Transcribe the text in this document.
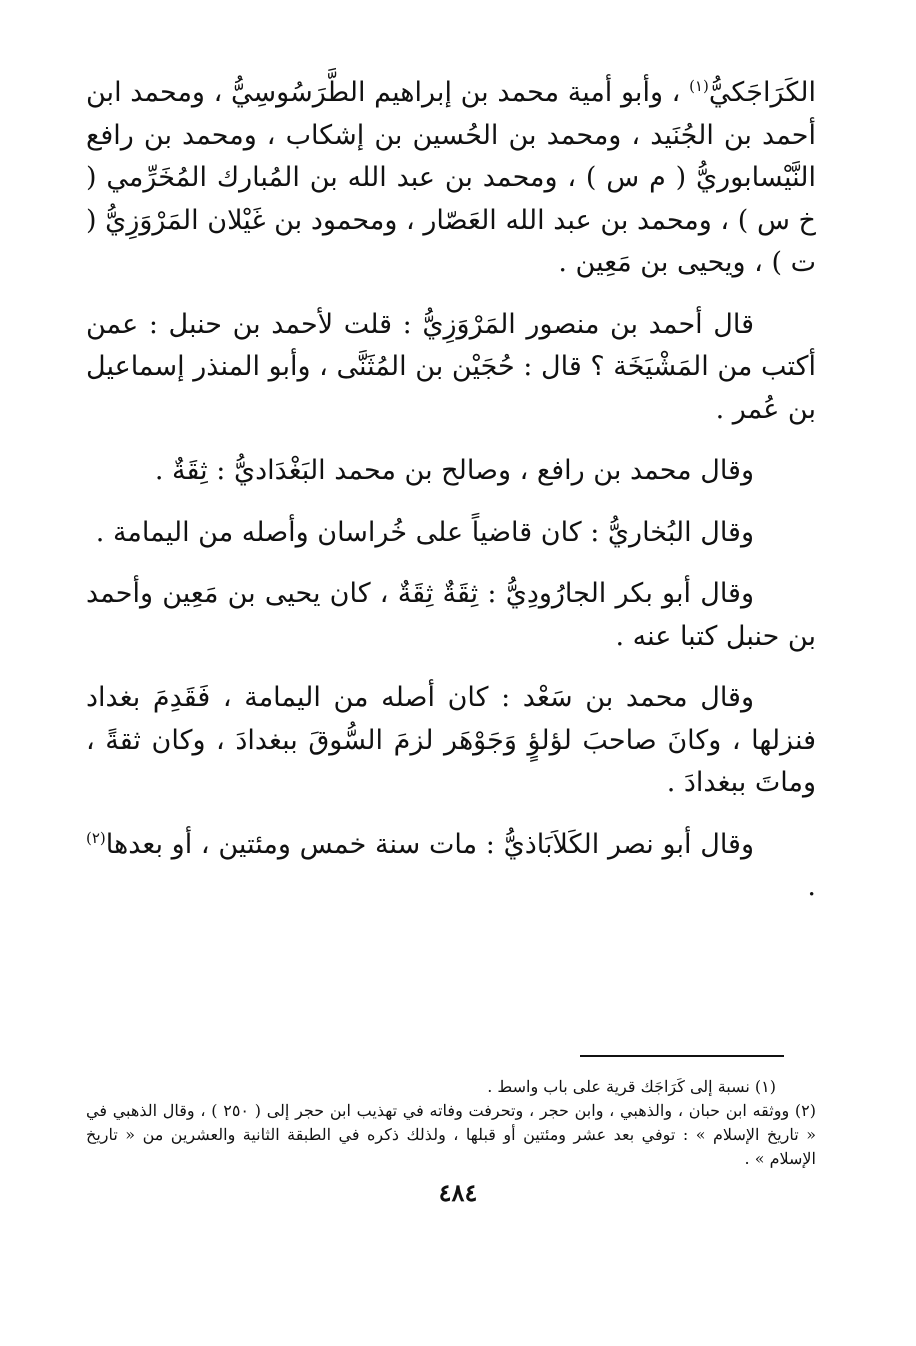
الكَرَاجَكيُّ$^{(١)}$ ، وأبو أمية محمد بن إبراهيم الطَّرَسُوسِيُّ ، ومحمد ابن أحمد بن الجُنَيد ، ومحمد بن الحُسين بن إشكاب ، ومحمد بن رافع النَّيْسابوريُّ ( م س ) ، ومحمد بن عبد الله بن المُبارك المُخَرِّمي ( خ س ) ، ومحمد بن عبد الله العَصّار ، ومحمود بن غَيْلان المَرْوَزِيُّ ( ت ) ، ويحيى بن مَعِين .

قال أحمد بن منصور المَرْوَزِيُّ : قلت لأحمد بن حنبل : عمن أكتب من المَشْيَخَة ؟ قال : حُجَيْن بن المُثَنَّى ، وأبو المنذر إسماعيل بن عُمر .

وقال محمد بن رافع ، وصالح بن محمد البَغْدَاديُّ : ثِقَةٌ .

وقال البُخاريُّ : كان قاضياً على خُراسان وأصله من اليمامة .

وقال أبو بكر الجارُودِيُّ : ثِقَةٌ ثِقَةٌ ، كان يحيى بن مَعِين وأحمد بن حنبل كتبا عنه .

وقال محمد بن سَعْد : كان أصله من اليمامة ، فَقَدِمَ بغداد فنزلها ، وكانَ صاحبَ لؤلؤٍ وَجَوْهَر لزمَ السُّوقَ ببغدادَ ، وكان ثقةً ، وماتَ ببغدادَ .

وقال أبو نصر الكَلاَبَاذيُّ : مات سنة خمس ومئتين ، أو بعدها$^{(٢)}$ .

(١) نسبة إلى كَرَاجَك قرية على باب واسط .

(٢) ووثقه ابن حبان ، والذهبي ، وابن حجر ، وتحرفت وفاته في تهذيب ابن حجر إلى ( ٢٥٠ ) ، وقال الذهبي في « تاريخ الإسلام » : توفي بعد عشر ومئتين أو قبلها ، ولذلك ذكره في الطبقة الثانية والعشرين من « تاريخ الإسلام » .

٤٨٤
